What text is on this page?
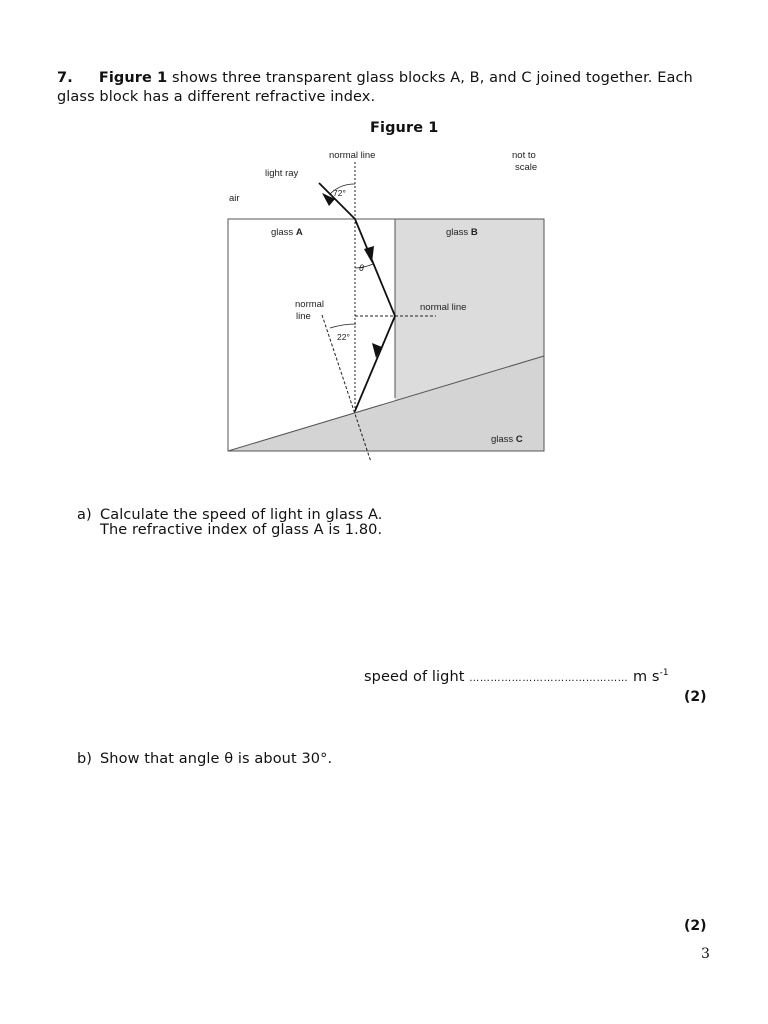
7. Figure 1 shows three transparent glass blocks A, B, and C joined together. Each
glass block has a different refractive index.
Figure 1
normal line	not to
scale
light ray
72°
air
glass A	glass B
θ
normal
line
normal line
22°
glass C
a) Calculate the speed of light in glass A.
The refractive index of glass A is 1.80.
speed of light ……………………………………… m $s^{-1}$
(2)
b) Show that angle θ is about 30°.
(2)
3
